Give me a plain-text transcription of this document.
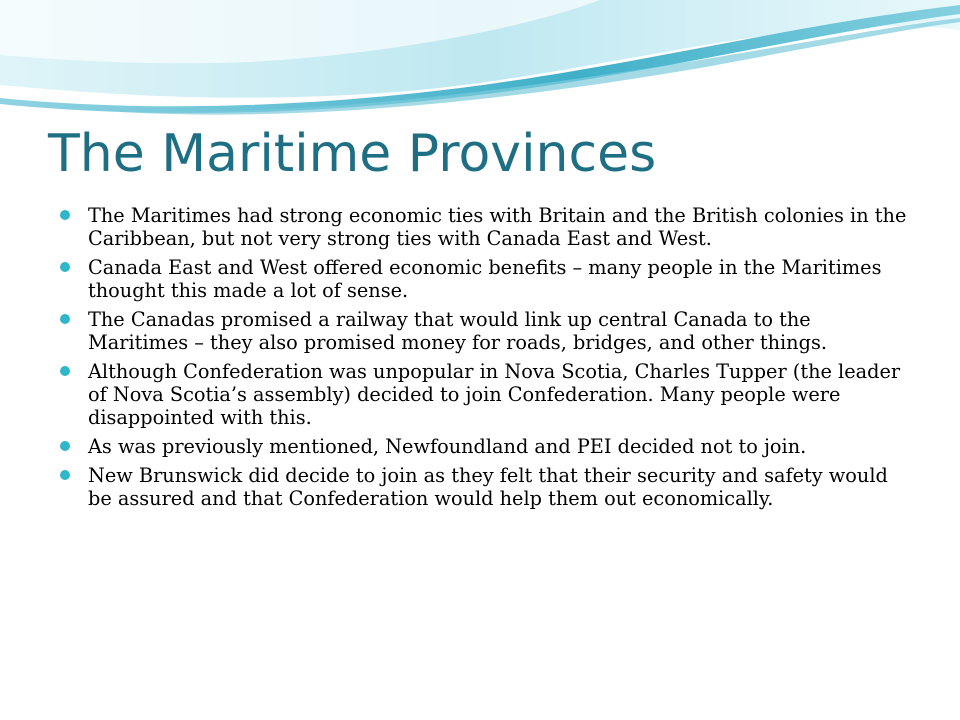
The Maritime Provinces
The Maritimes had strong economic ties with Britain and the British colonies in the Caribbean, but not very strong ties with Canada East and West.
Canada East and West offered economic benefits – many people in the Maritimes thought this made a lot of sense.
The Canadas promised a railway that would link up central Canada to the Maritimes – they also promised money for roads, bridges, and other things.
Although Confederation was unpopular in Nova Scotia, Charles Tupper (the leader of Nova Scotia’s assembly) decided to join Confederation. Many people were disappointed with this.
As was previously mentioned, Newfoundland and PEI decided not to join.
New Brunswick did decide to join as they felt that their security and safety would be assured and that Confederation would help them out economically.
